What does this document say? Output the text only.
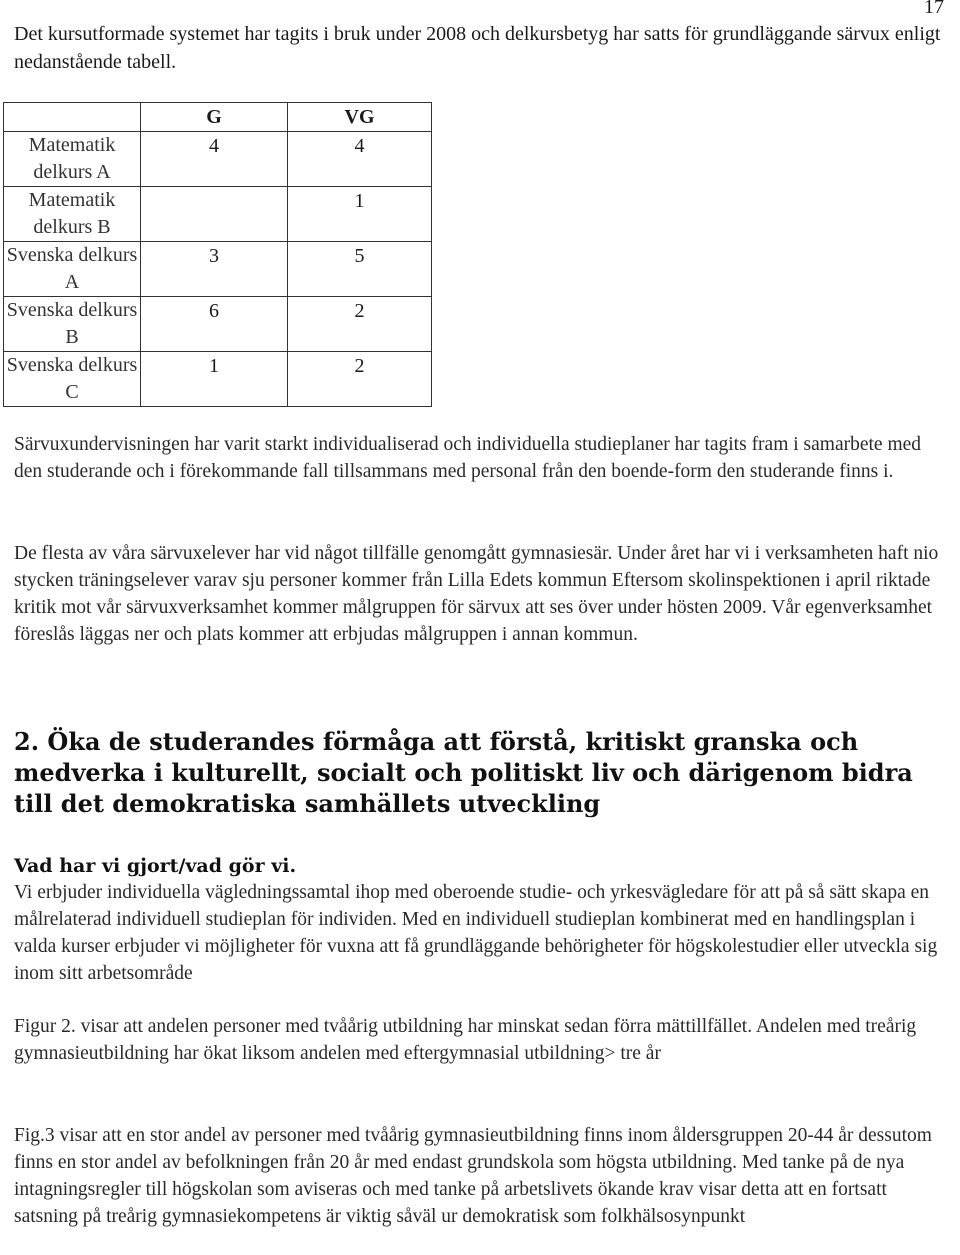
17

Det kursutformade systemet har tagits i bruk under 2008 och delkursbetyg har satts för grundläggande särvux enligt nedanstående tabell.

	G	VG
Matematik delkurs A	4	4
Matematik delkurs B		1
Svenska delkurs A	3	5
Svenska delkurs B	6	2
Svenska delkurs C	1	2

Särvuxundervisningen har varit starkt individualiserad och individuella studieplaner har tagits fram i samarbete med den studerande och i förekommande fall tillsammans med personal från den boende-form den studerande finns i.

De flesta av våra särvuxelever har vid något tillfälle genomgått gymnasiesär. Under året har vi i verksamheten haft nio stycken träningselever varav sju personer kommer från Lilla Edets kommun Eftersom skolinspektionen i april riktade kritik mot vår särvuxverksamhet kommer målgruppen för särvux att ses över under hösten 2009. Vår egenverksamhet föreslås läggas ner och plats kommer att erbjudas målgruppen i annan kommun.

2. Öka de studerandes förmåga att förstå, kritiskt granska och medverka i kulturellt, socialt och politiskt liv och därigenom bidra till det demokratiska samhällets utveckling
Vad har vi gjort/vad gör vi.

Vi erbjuder individuella vägledningssamtal ihop med oberoende studie- och yrkesvägledare för att på så sätt skapa en målrelaterad individuell studieplan för individen. Med en individuell studieplan kombinerat med en handlingsplan i valda kurser erbjuder vi möjligheter för vuxna att få grundläggande behörigheter för högskolestudier eller utveckla sig inom sitt arbetsområde

Figur 2. visar att andelen personer med tvåårig utbildning har minskat sedan förra mättillfället. Andelen med treårig gymnasieutbildning har ökat liksom andelen med eftergymnasial utbildning> tre år

Fig.3 visar att en stor andel av personer med tvåårig gymnasieutbildning finns inom åldersgruppen 20-44 år dessutom finns en stor andel av befolkningen från 20 år med endast grundskola som högsta utbildning. Med tanke på de nya intagningsregler till högskolan som aviseras och med tanke på arbetslivets ökande krav visar detta att en fortsatt satsning på treårig gymnasiekompetens är viktig såväl ur demokratisk som folkhälsosynpunkt
